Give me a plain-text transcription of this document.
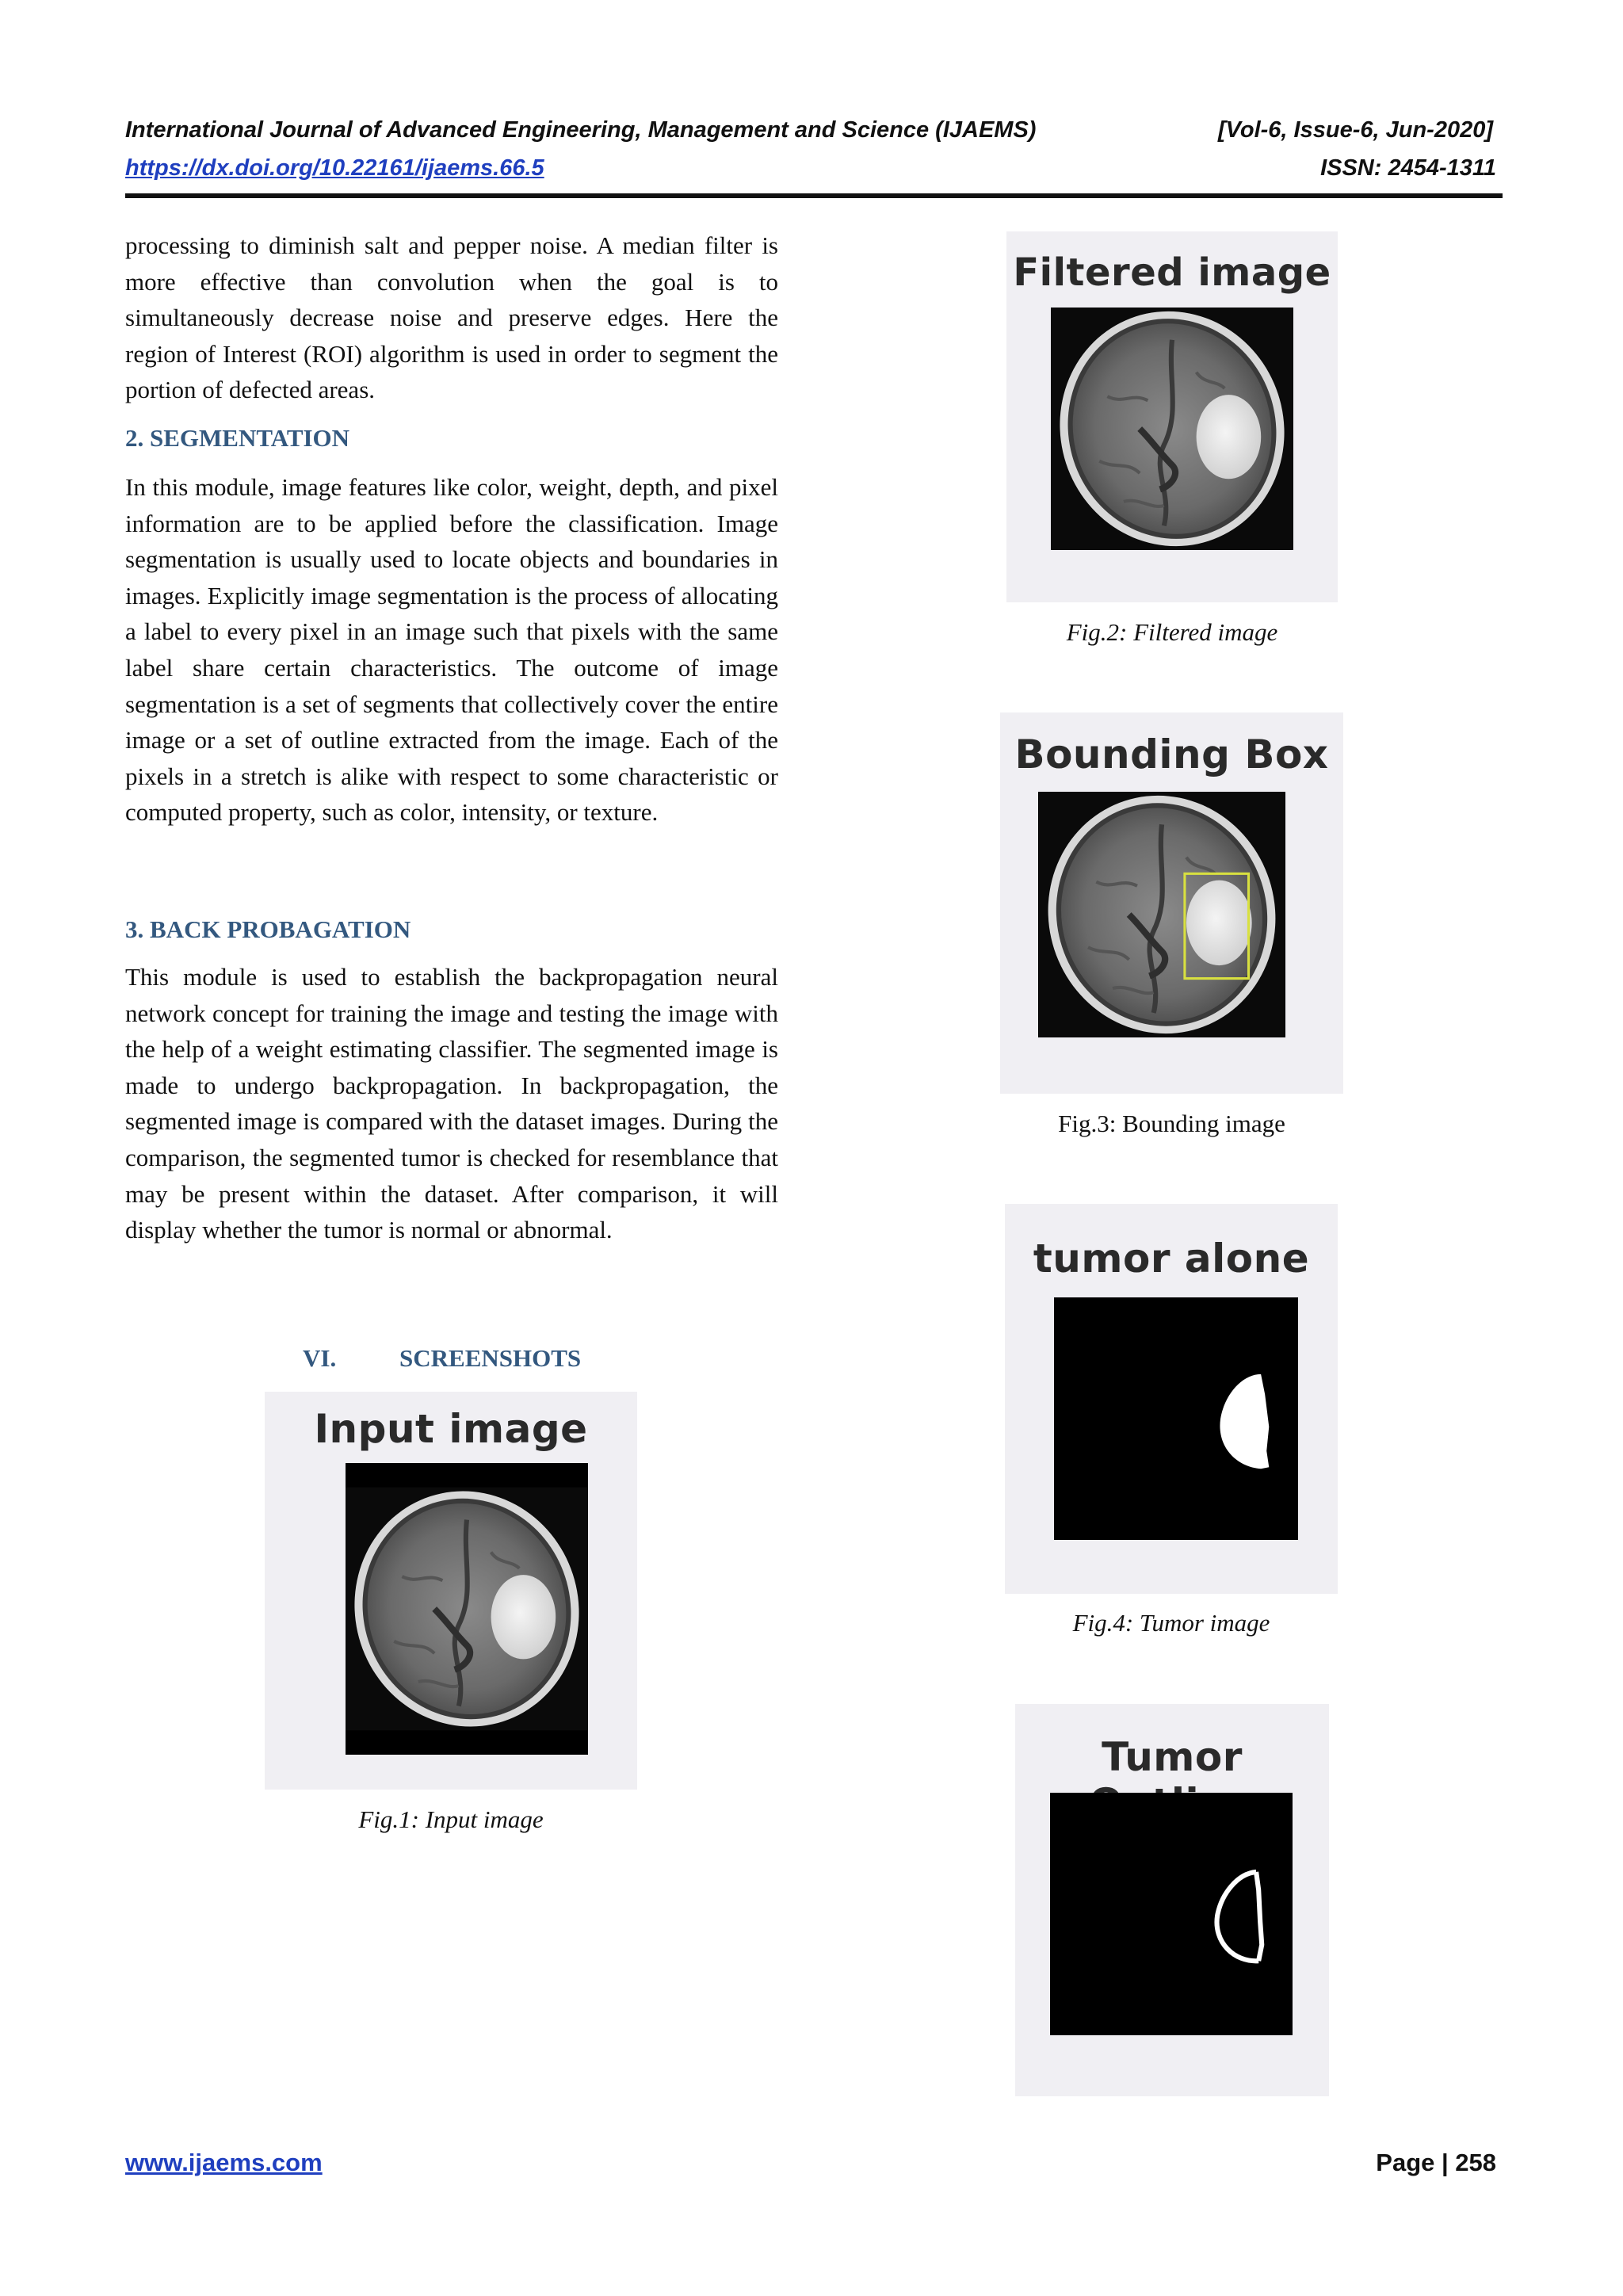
International Journal of Advanced Engineering, Management and Science (IJAEMS)	[Vol-6, Issue-6, Jun-2020]
https://dx.doi.org/10.22161/ijaems.66.5	ISSN: 2454-1311

processing to diminish salt and pepper noise. A median filter is more effective than convolution when the goal is to simultaneously decrease noise and preserve edges. Here the region of Interest (ROI) algorithm is used in order to segment the portion of defected areas.

2. SEGMENTATION

In this module, image features like color, weight, depth, and pixel information are to be applied before the classification. Image segmentation is usually used to locate objects and boundaries in images. Explicitly image segmentation is the process of allocating a label to every pixel in an image such that pixels with the same label share certain characteristics. The outcome of image segmentation is a set of segments that collectively cover the entire image or a set of outline extracted from the image. Each of the pixels in a stretch is alike with respect to some characteristic or computed property, such as color, intensity, or texture.

3. BACK PROBAGATION

This module is used to establish the backpropagation neural network concept for training the image and testing the image with the help of a weight estimating classifier. The segmented image is made to undergo backpropagation. In backpropagation, the segmented image is compared with the dataset images. During the comparison, the segmented tumor is checked for resemblance that may be present within the dataset. After comparison, it will display whether the tumor is normal or abnormal.

VI.	SCREENSHOTS
Input image
Fig.1: Input image
Filtered image
Fig.2: Filtered image
Bounding Box
Fig.3: Bounding image
tumor alone
Fig.4: Tumor image
Tumor
www.ijaems.com	Page | 258
